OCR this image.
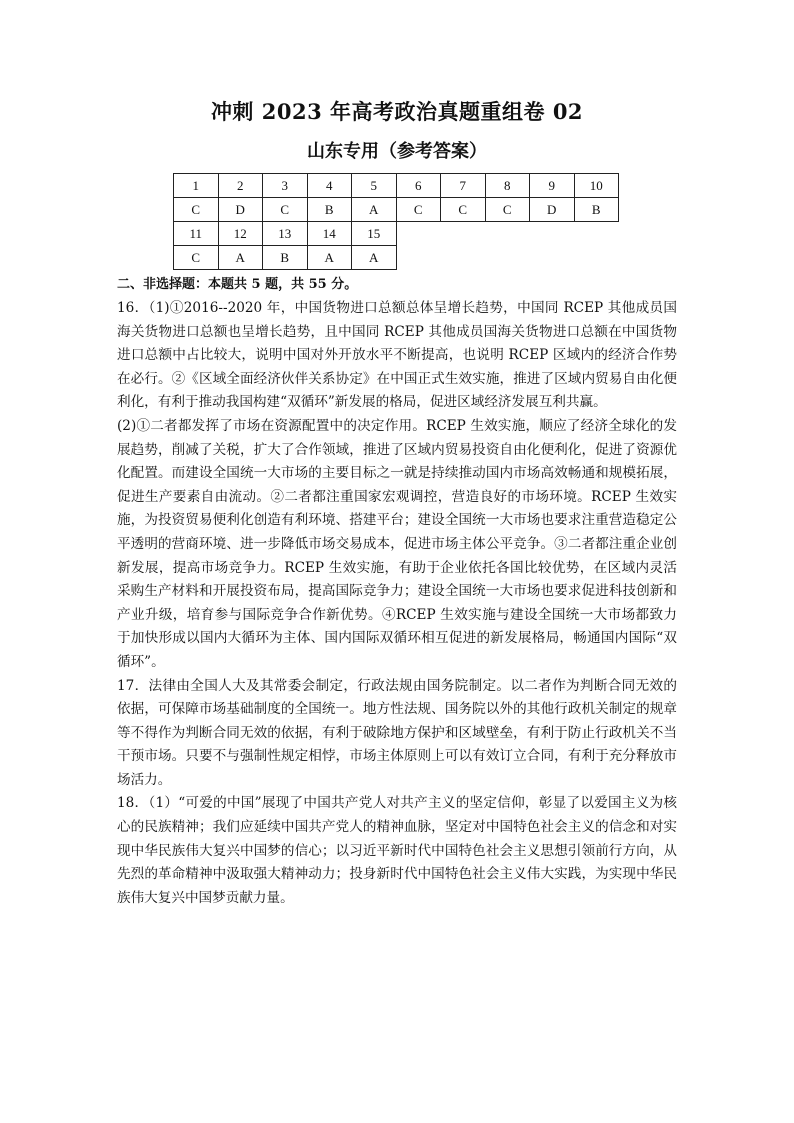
冲刺 2023 年高考政治真题重组卷 02
山东专用（参考答案）
1	2	3	4	5	6	7	8	9	10
C	D	C	B	A	C	C	C	D	B
11	12	13	14	15					
C	A	B	A	A					
二、非选择题：本题共 5 题，共 55 分。

16．（1)①2016--2020 年，中国货物进口总额总体呈增长趋势，中国同 RCEP 其他成员国海关货物进口总额也呈增长趋势，且中国同 RCEP 其他成员国海关货物进口总额在中国货物进口总额中占比较大，说明中国对外开放水平不断提高，也说明 RCEP 区域内的经济合作势在必行。②《区域全面经济伙伴关系协定》在中国正式生效实施，推进了区域内贸易自由化便利化，有利于推动我国构建“双循环”新发展的格局，促进区域经济发展互利共赢。

(2)①二者都发挥了市场在资源配置中的决定作用。RCEP 生效实施，顺应了经济全球化的发展趋势，削减了关税，扩大了合作领域，推进了区域内贸易投资自由化便利化，促进了资源优化配置。而建设全国统一大市场的主要目标之一就是持续推动国内市场高效畅通和规模拓展，促进生产要素自由流动。②二者都注重国家宏观调控，营造良好的市场环境。RCEP 生效实施，为投资贸易便利化创造有利环境、搭建平台；建设全国统一大市场也要求注重营造稳定公平透明的营商环境、进一步降低市场交易成本，促进市场主体公平竞争。③二者都注重企业创新发展，提高市场竞争力。RCEP 生效实施，有助于企业依托各国比较优势，在区域内灵活采购生产材料和开展投资布局，提高国际竞争力；建设全国统一大市场也要求促进科技创新和产业升级，培育参与国际竞争合作新优势。④RCEP 生效实施与建设全国统一大市场都致力于加快形成以国内大循环为主体、国内国际双循环相互促进的新发展格局，畅通国内国际“双循环”。

17．法律由全国人大及其常委会制定，行政法规由国务院制定。以二者作为判断合同无效的依据，可保障市场基础制度的全国统一。地方性法规、国务院以外的其他行政机关制定的规章等不得作为判断合同无效的依据，有利于破除地方保护和区域壁垒，有利于防止行政机关不当干预市场。只要不与强制性规定相悖，市场主体原则上可以有效订立合同，有利于充分释放市场活力。

18．（1）“可爱的中国”展现了中国共产党人对共产主义的坚定信仰，彰显了以爱国主义为核心的民族精神；我们应延续中国共产党人的精神血脉，坚定对中国特色社会主义的信念和对实现中华民族伟大复兴中国梦的信心；以习近平新时代中国特色社会主义思想引领前行方向，从先烈的革命精神中汲取强大精神动力；投身新时代中国特色社会主义伟大实践，为实现中华民族伟大复兴中国梦贡献力量。
